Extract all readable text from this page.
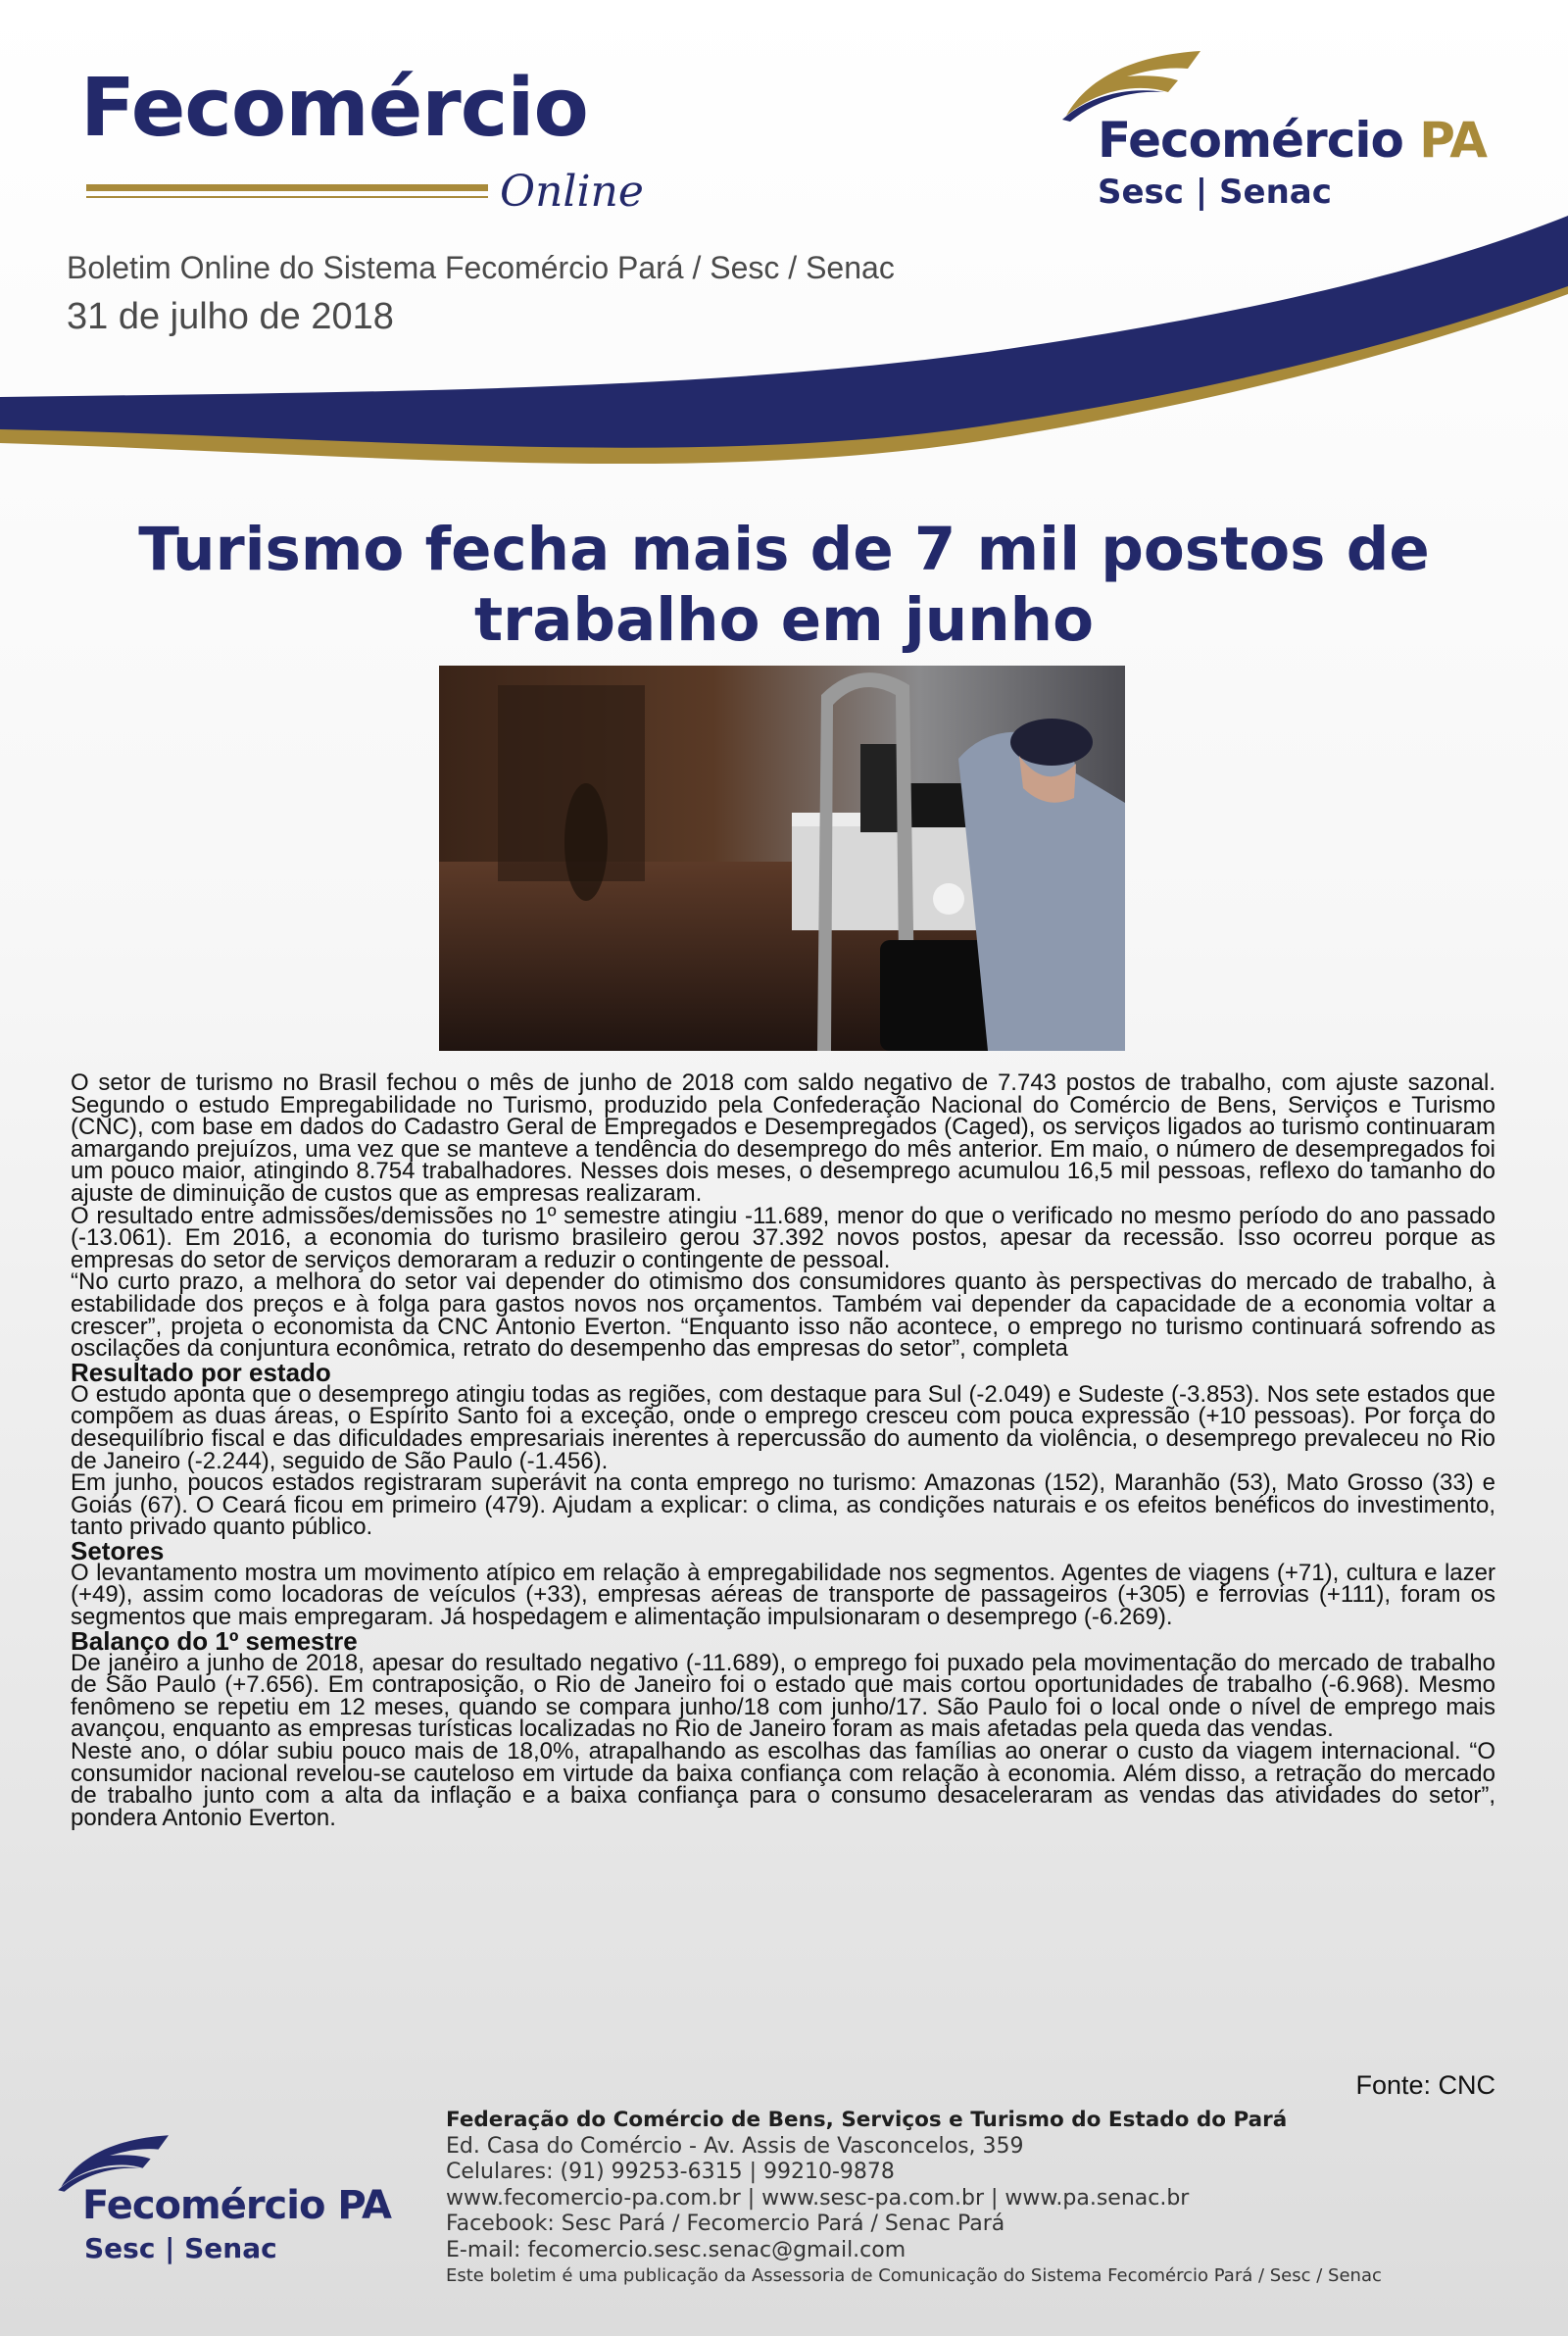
Fecomércio
Online
Fecomércio PA
Sesc | Senac
Boletim Online do Sistema Fecomércio Pará / Sesc / Senac
31 de julho de 2018
Turismo fecha mais de 7 mil postos de trabalho em junho

O setor de turismo no Brasil fechou o mês de junho de 2018 com saldo negativo de 7.743 postos de trabalho, com ajuste sazonal. Segundo o estudo Empregabilidade no Turismo, produzido pela Confederação Nacional do Comércio de Bens, Serviços e Turismo (CNC), com base em dados do Cadastro Geral de Empregados e Desempregados (Caged), os serviços ligados ao turismo continuaram amargando prejuízos, uma vez que se manteve a tendência do desemprego do mês anterior. Em maio, o número de desempregados foi um pouco maior, atingindo 8.754 trabalhadores. Nesses dois meses, o desemprego acumulou 16,5 mil pessoas, reflexo do tamanho do ajuste de diminuição de custos que as empresas realizaram.

O resultado entre admissões/demissões no 1º semestre atingiu -11.689, menor do que o verificado no mesmo período do ano passado (-13.061). Em 2016, a economia do turismo brasileiro gerou 37.392 novos postos, apesar da recessão. Isso ocorreu porque as empresas do setor de serviços demoraram a reduzir o contingente de pessoal.

“No curto prazo, a melhora do setor vai depender do otimismo dos consumidores quanto às perspectivas do mercado de trabalho, à estabilidade dos preços e à folga para gastos novos nos orçamentos. Também vai depender da capacidade de a economia voltar a crescer”, projeta o economista da CNC Antonio Everton. “Enquanto isso não acontece, o emprego no turismo continuará sofrendo as oscilações da conjuntura econômica, retrato do desempenho das empresas do setor”, completa

Resultado por estado

O estudo aponta que o desemprego atingiu todas as regiões, com destaque para Sul (-2.049) e Sudeste (-3.853). Nos sete estados que compõem as duas áreas, o Espírito Santo foi a exceção, onde o emprego cresceu com pouca expressão (+10 pessoas). Por força do desequilíbrio fiscal e das dificuldades empresariais inerentes à repercussão do aumento da violência, o desemprego prevaleceu no Rio de Janeiro (-2.244), seguido de São Paulo (-1.456).

Em junho, poucos estados registraram superávit na conta emprego no turismo: Amazonas (152), Maranhão (53), Mato Grosso (33) e Goiás (67). O Ceará ficou em primeiro (479). Ajudam a explicar: o clima, as condições naturais e os efeitos benéficos do investimento, tanto privado quanto público.

Setores

O levantamento mostra um movimento atípico em relação à empregabilidade nos segmentos. Agentes de viagens (+71), cultura e lazer (+49), assim como locadoras de veículos (+33), empresas aéreas de transporte de passageiros (+305) e ferrovias (+111), foram os segmentos que mais empregaram. Já hospedagem e alimentação impulsionaram o desemprego (-6.269).

Balanço do 1º semestre

De janeiro a junho de 2018, apesar do resultado negativo (-11.689), o emprego foi puxado pela movimentação do mercado de trabalho de São Paulo (+7.656). Em contraposição, o Rio de Janeiro foi o estado que mais cortou oportunidades de trabalho (-6.968). Mesmo fenômeno se repetiu em 12 meses, quando se compara junho/18 com junho/17. São Paulo foi o local onde o nível de emprego mais avançou, enquanto as empresas turísticas localizadas no Rio de Janeiro foram as mais afetadas pela queda das vendas.

Neste ano, o dólar subiu pouco mais de 18,0%, atrapalhando as escolhas das famílias ao onerar o custo da viagem internacional. “O consumidor nacional revelou-se cauteloso em virtude da baixa confiança com relação à economia. Além disso, a retração do mercado de trabalho junto com a alta da inflação e a baixa confiança para o consumo desaceleraram as vendas das atividades do setor”, pondera Antonio Everton.

Fonte: CNC
Fecomércio PA
Sesc | Senac
Federação do Comércio de Bens, Serviços e Turismo do Estado do Pará
Ed. Casa do Comércio - Av. Assis de Vasconcelos, 359
Celulares: (91) 99253-6315 | 99210-9878
www.fecomercio-pa.com.br | www.sesc-pa.com.br | www.pa.senac.br
Facebook: Sesc Pará / Fecomercio Pará / Senac Pará
E-mail: fecomercio.sesc.senac@gmail.com
Este boletim é uma publicação da Assessoria de Comunicação do Sistema Fecomércio Pará / Sesc / Senac
